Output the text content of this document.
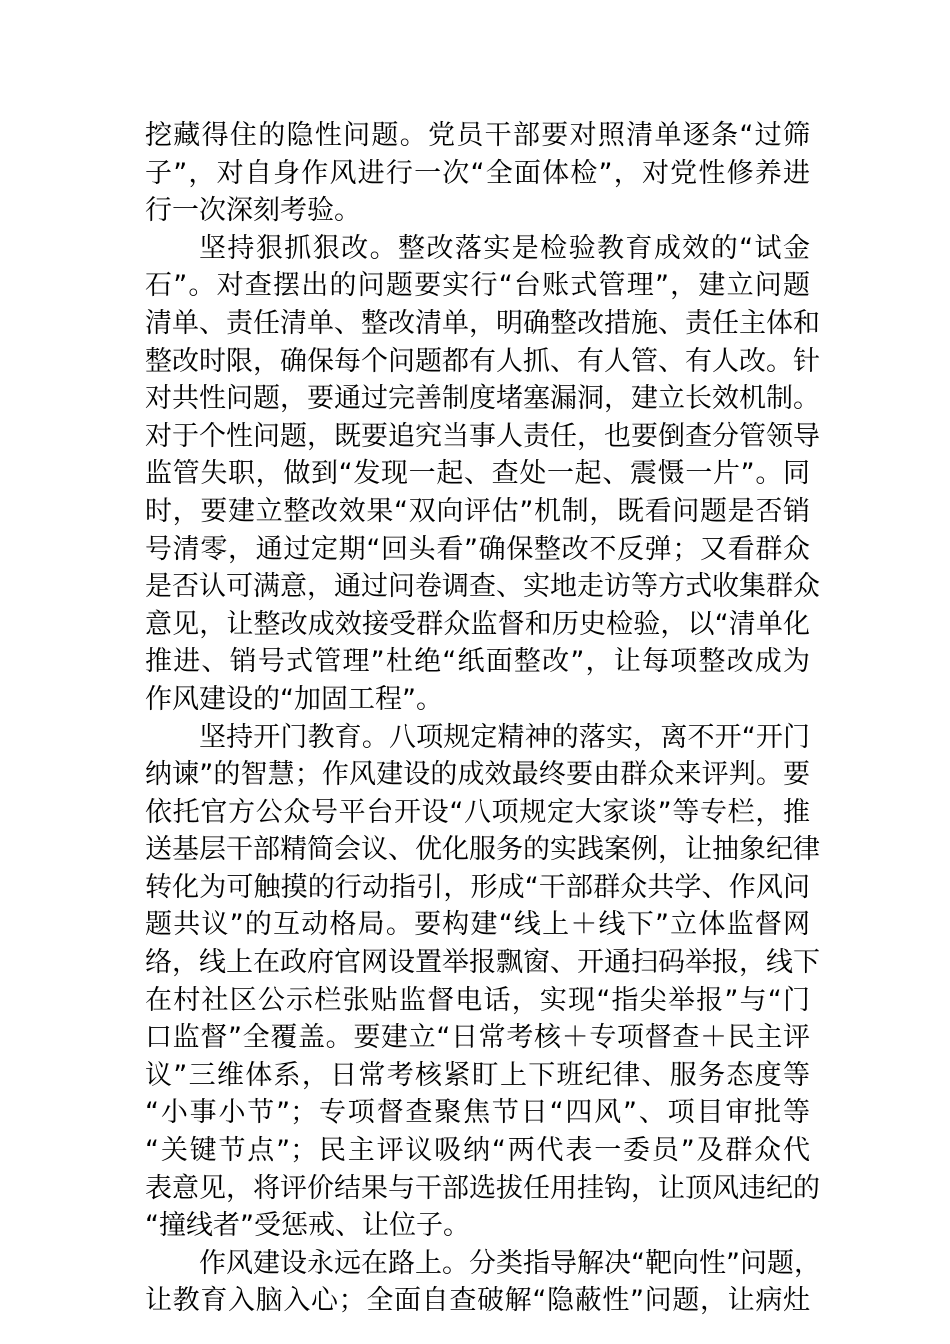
挖藏得住的隐性问题。党员干部要对照清单逐条“过筛
子”，对自身作风进行一次“全面体检”，对党性修养进
行一次深刻考验。
坚持狠抓狠改。整改落实是检验教育成效的“试金
石”。对查摆出的问题要实行“台账式管理”，建立问题
清单、责任清单、整改清单，明确整改措施、责任主体和
整改时限，确保每个问题都有人抓、有人管、有人改。针
对共性问题，要通过完善制度堵塞漏洞，建立长效机制。
对于个性问题，既要追究当事人责任，也要倒查分管领导
监管失职，做到“发现一起、查处一起、震慑一片”。同
时，要建立整改效果“双向评估”机制，既看问题是否销
号清零，通过定期“回头看”确保整改不反弹；又看群众
是否认可满意，通过问卷调查、实地走访等方式收集群众
意见，让整改成效接受群众监督和历史检验，以“清单化
推进、销号式管理”杜绝“纸面整改”，让每项整改成为
作风建设的“加固工程”。
坚持开门教育。八项规定精神的落实，离不开“开门
纳谏”的智慧；作风建设的成效最终要由群众来评判。要
依托官方公众号平台开设“八项规定大家谈”等专栏，推
送基层干部精简会议、优化服务的实践案例，让抽象纪律
转化为可触摸的行动指引，形成“干部群众共学、作风问
题共议”的互动格局。要构建“线上＋线下”立体监督网
络，线上在政府官网设置举报飘窗、开通扫码举报，线下
在村社区公示栏张贴监督电话，实现“指尖举报”与“门
口监督”全覆盖。要建立“日常考核＋专项督查＋民主评
议”三维体系，日常考核紧盯上下班纪律、服务态度等
“小事小节”；专项督查聚焦节日“四风”、项目审批等
“关键节点”；民主评议吸纳“两代表一委员”及群众代
表意见，将评价结果与干部选拔任用挂钩，让顶风违纪的
“撞线者”受惩戒、让位子。
作风建设永远在路上。分类指导解决“靶向性”问题，
让教育入脑入心；全面自查破解“隐蔽性”问题，让病灶
